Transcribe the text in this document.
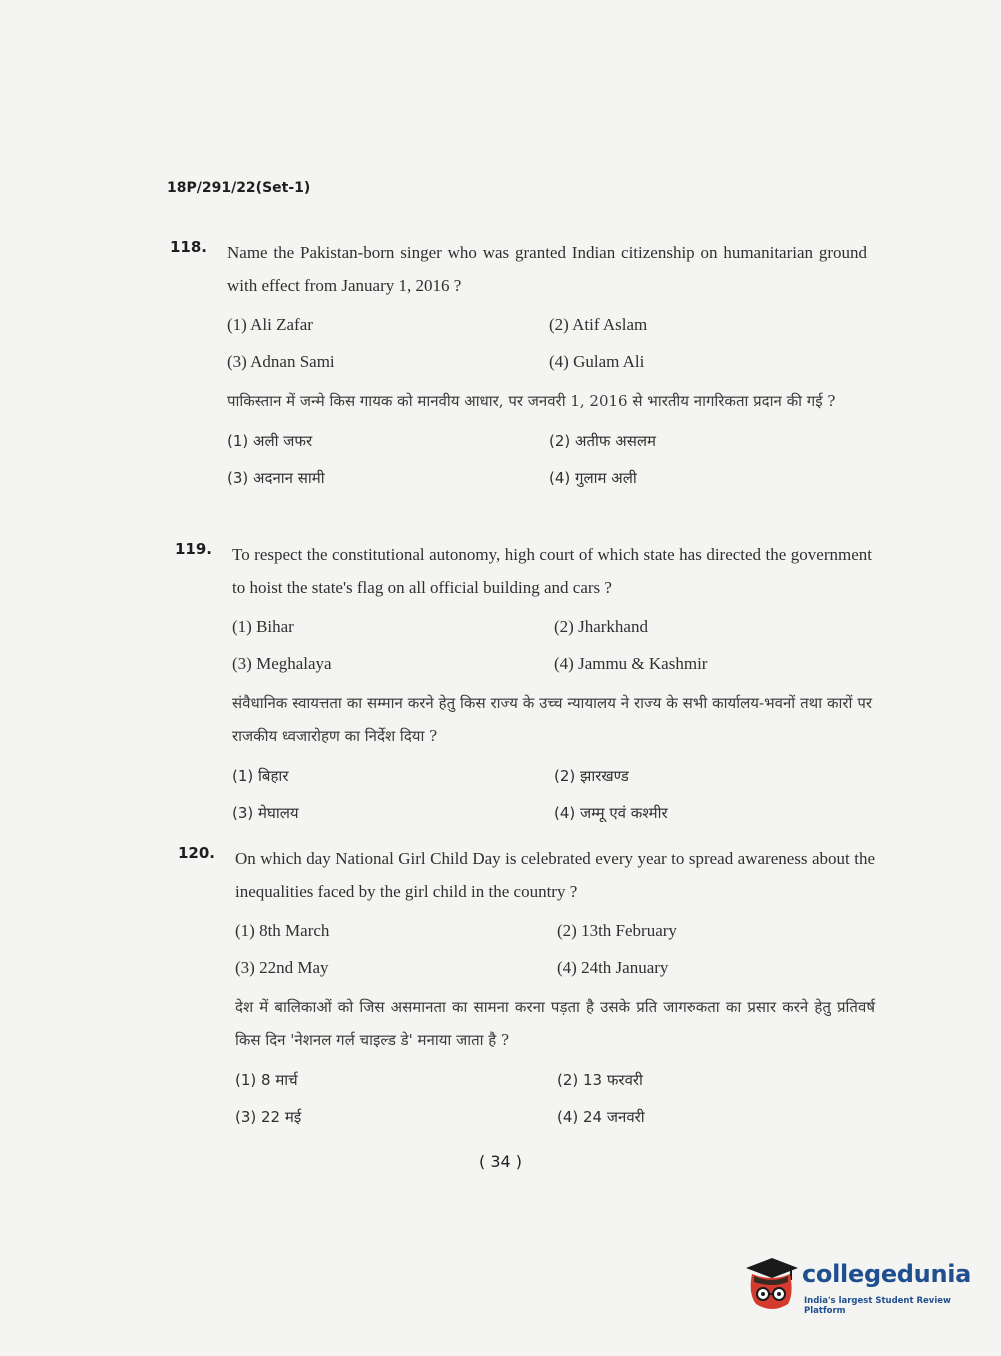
18P/291/22(Set-1)
118. Name the Pakistan-born singer who was granted Indian citizenship on humanitarian ground with effect from January 1, 2016 ?
(1) Ali Zafar	(2) Atif Aslam
(3) Adnan Sami	(4) Gulam Ali
पाकिस्तान में जन्मे किस गायक को मानवीय आधार, पर जनवरी 1, 2016 से भारतीय नागरिकता प्रदान की गई ?
(1) अली जफर	(2) अतीफ असलम
(3) अदनान सामी	(4) गुलाम अली
119. To respect the constitutional autonomy, high court of which state has directed the government to hoist the state's flag on all official building and cars ?
(1) Bihar	(2) Jharkhand
(3) Meghalaya	(4) Jammu & Kashmir
संवैधानिक स्वायत्तता का सम्मान करने हेतु किस राज्य के उच्च न्यायालय ने राज्य के सभी कार्यालय-भवनों तथा कारों पर राजकीय ध्वजारोहण का निर्देश दिया ?
(1) बिहार	(2) झारखण्ड
(3) मेघालय	(4) जम्मू एवं कश्मीर
120. On which day National Girl Child Day is celebrated every year to spread awareness about the inequalities faced by the girl child in the country ?
(1) 8th March	(2) 13th February
(3) 22nd May	(4) 24th January
देश में बालिकाओं को जिस असमानता का सामना करना पड़ता है उसके प्रति जागरुकता का प्रसार करने हेतु प्रतिवर्ष किस दिन 'नेशनल गर्ल चाइल्ड डे' मनाया जाता है ?
(1) 8 मार्च	(2) 13 फरवरी
(3) 22 मई	(4) 24 जनवरी
( 34 )
collegedunia
India's largest Student Review Platform
